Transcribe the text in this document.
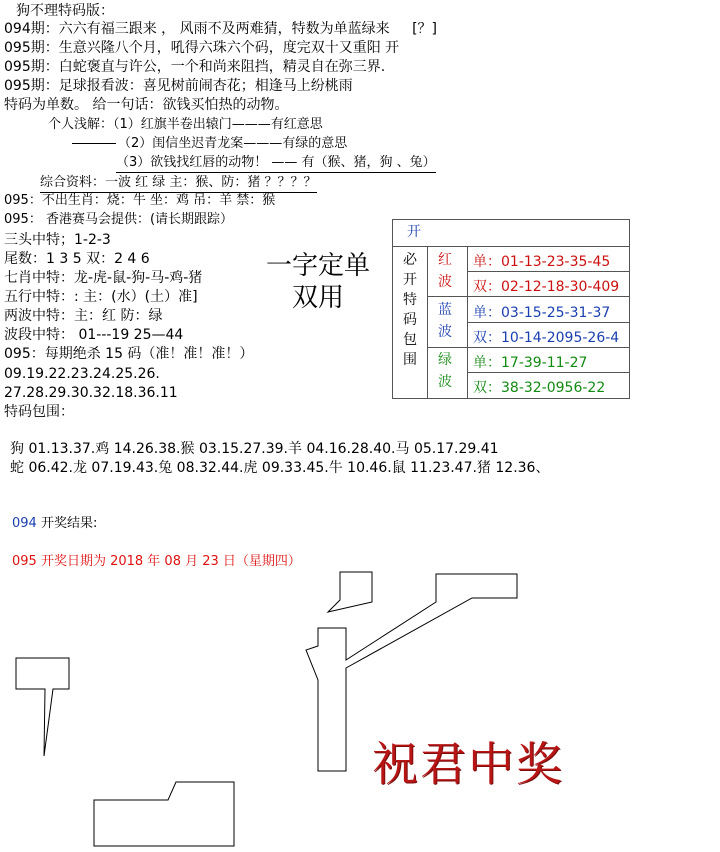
狗不理特码版：
094期：六六有福三跟来 ， 风雨不及两难猜，特数为单蓝绿来 [？]
095期：生意兴隆八个月，吼得六珠六个码，度完双十又重阳 开
095期：白蛇褒直与许公，一个和尚来阻挡，精灵自在弥三界.
095期：足球报看波：喜见树前闹杏花；相逢马上纷桃雨
特码为单数。 给一句话：欲钱买怕热的动物。
个人浅解：（1）红旗半卷出辕门———有红意思
（2）闺信坐迟青龙案———有绿的意思
（3）欲钱找红唇的动物！ —— 有（猴、猪，狗 、兔）
综合资料：一波 红 绿 主：猴、防：猪 ？？？？
095：不出生肖：烧：牛 坐：鸡 吊：羊 禁：猴
095： 香港赛马会提供：(请长期跟踪）
三头中特；1-2-3
尾数：1 3 5 双：2 4 6
七肖中特：龙-虎-鼠-狗-马-鸡-猪
五行中特：: 主：(水）(土）准]
两波中特：主：红 防：绿
波段中特： 01---19 25—44
095：每期绝杀 15 码（准！准！准！）
09.19.22.23.24.25.26.
27.28.29.30.32.18.36.11
特码包围：
一字定单双用
开
必
开
特
码
包
围
红
波
单：01-13-23-35-45
双：02-12-18-30-409
蓝
波
单：03-15-25-31-37
双：10-14-2095-26-4
绿
波
单：17-39-11-27
双：38-32-0956-22
狗 01.13.37.鸡 14.26.38.猴 03.15.27.39.羊 04.16.28.40.马 05.17.29.41
蛇 06.42.龙 07.19.43.兔 08.32.44.虎 09.33.45.牛 10.46.鼠 11.23.47.猪 12.36、
094 开奖结果:
095 开奖日期为 2018 年 08 月 23 日（星期四）
祝君中奖
